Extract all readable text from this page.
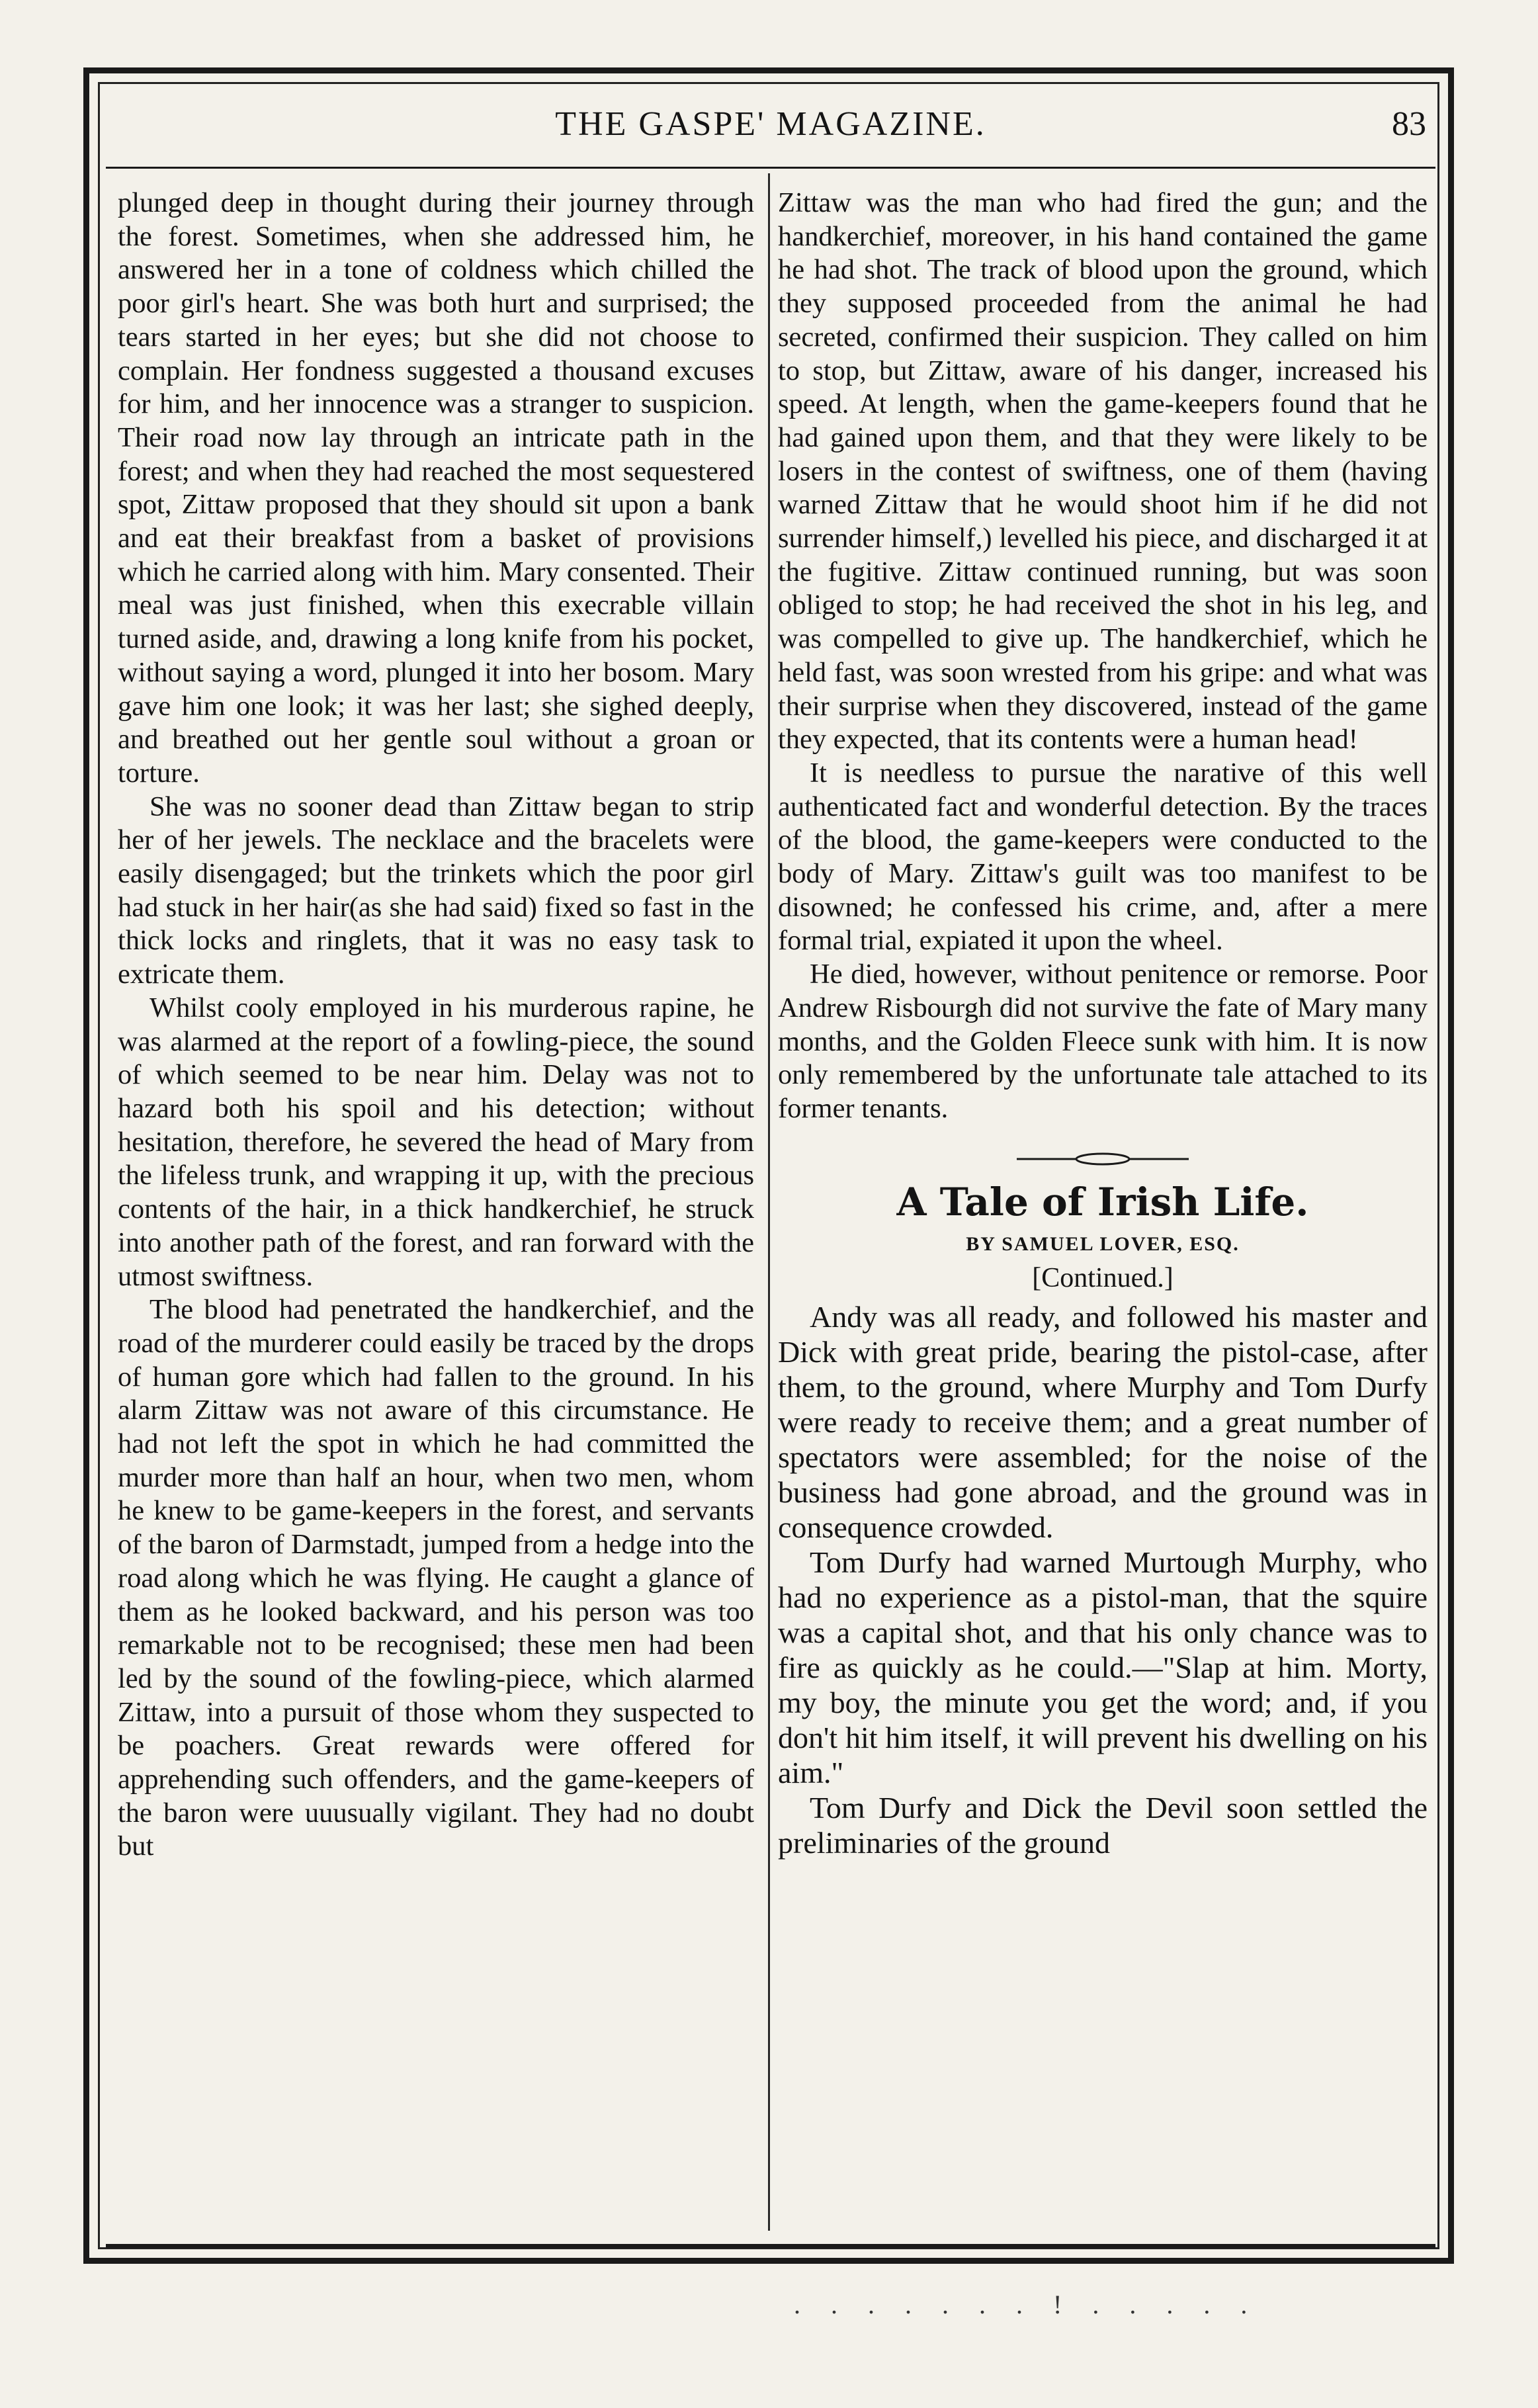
THE GASPE' MAGAZINE.	83

plunged deep in thought during their journey through the forest. Sometimes, when she addressed him, he answered her in a tone of coldness which chilled the poor girl's heart. She was both hurt and surprised; the tears started in her eyes; but she did not choose to complain. Her fondness suggested a thousand excuses for him, and her innocence was a stranger to suspicion. Their road now lay through an intricate path in the forest; and when they had reached the most sequestered spot, Zittaw proposed that they should sit upon a bank and eat their breakfast from a basket of provisions which he carried along with him. Mary consented. Their meal was just finished, when this execrable villain turned aside, and, drawing a long knife from his pocket, without saying a word, plunged it into her bosom. Mary gave him one look; it was her last; she sighed deeply, and breathed out her gentle soul without a groan or torture.

She was no sooner dead than Zittaw began to strip her of her jewels. The necklace and the bracelets were easily disengaged; but the trinkets which the poor girl had stuck in her hair(as she had said) fixed so fast in the thick locks and ringlets, that it was no easy task to extricate them.

Whilst cooly employed in his murderous rapine, he was alarmed at the report of a fowling-piece, the sound of which seemed to be near him. Delay was not to hazard both his spoil and his detection; without hesitation, therefore, he severed the head of Mary from the lifeless trunk, and wrapping it up, with the precious contents of the hair, in a thick handkerchief, he struck into another path of the forest, and ran forward with the utmost swiftness.

The blood had penetrated the handkerchief, and the road of the murderer could easily be traced by the drops of human gore which had fallen to the ground. In his alarm Zittaw was not aware of this circumstance. He had not left the spot in which he had committed the murder more than half an hour, when two men, whom he knew to be game-keepers in the forest, and servants of the baron of Darmstadt, jumped from a hedge into the road along which he was flying. He caught a glance of them as he looked backward, and his person was too remarkable not to be recognised; these men had been led by the sound of the fowling-piece, which alarmed Zittaw, into a pursuit of those whom they suspected to be poachers. Great rewards were offered for apprehending such offenders, and the game-keepers of the baron were uuusually vigilant. They had no doubt but

Zittaw was the man who had fired the gun; and the handkerchief, moreover, in his hand contained the game he had shot. The track of blood upon the ground, which they supposed proceeded from the animal he had secreted, confirmed their suspicion. They called on him to stop, but Zittaw, aware of his danger, increased his speed. At length, when the game-keepers found that he had gained upon them, and that they were likely to be losers in the contest of swiftness, one of them (having warned Zittaw that he would shoot him if he did not surrender himself,) levelled his piece, and discharged it at the fugitive. Zittaw continued running, but was soon obliged to stop; he had received the shot in his leg, and was compelled to give up. The handkerchief, which he held fast, was soon wrested from his gripe: and what was their surprise when they discovered, instead of the game they expected, that its contents were a human head!

It is needless to pursue the narative of this well authenticated fact and wonderful detection. By the traces of the blood, the game-keepers were conducted to the body of Mary. Zittaw's guilt was too manifest to be disowned; he confessed his crime, and, after a mere formal trial, expiated it upon the wheel.

He died, however, without penitence or remorse. Poor Andrew Risbourgh did not survive the fate of Mary many months, and the Golden Fleece sunk with him. It is now only remembered by the unfortunate tale attached to its former tenants.

A Tale of Irish Life.
BY SAMUEL LOVER, ESQ.
[Continued.]

Andy was all ready, and followed his master and Dick with great pride, bearing the pistol-case, after them, to the ground, where Murphy and Tom Durfy were ready to receive them; and a great number of spectators were assembled; for the noise of the business had gone abroad, and the ground was in consequence crowded.

Tom Durfy had warned Murtough Murphy, who had no experience as a pistol-man, that the squire was a capital shot, and that his only chance was to fire as quickly as he could.—"Slap at him. Morty, my boy, the minute you get the word; and, if you don't hit him itself, it will prevent his dwelling on his aim."

Tom Durfy and Dick the Devil soon settled the preliminaries of the ground

. . . . . . . ! . . . . .
